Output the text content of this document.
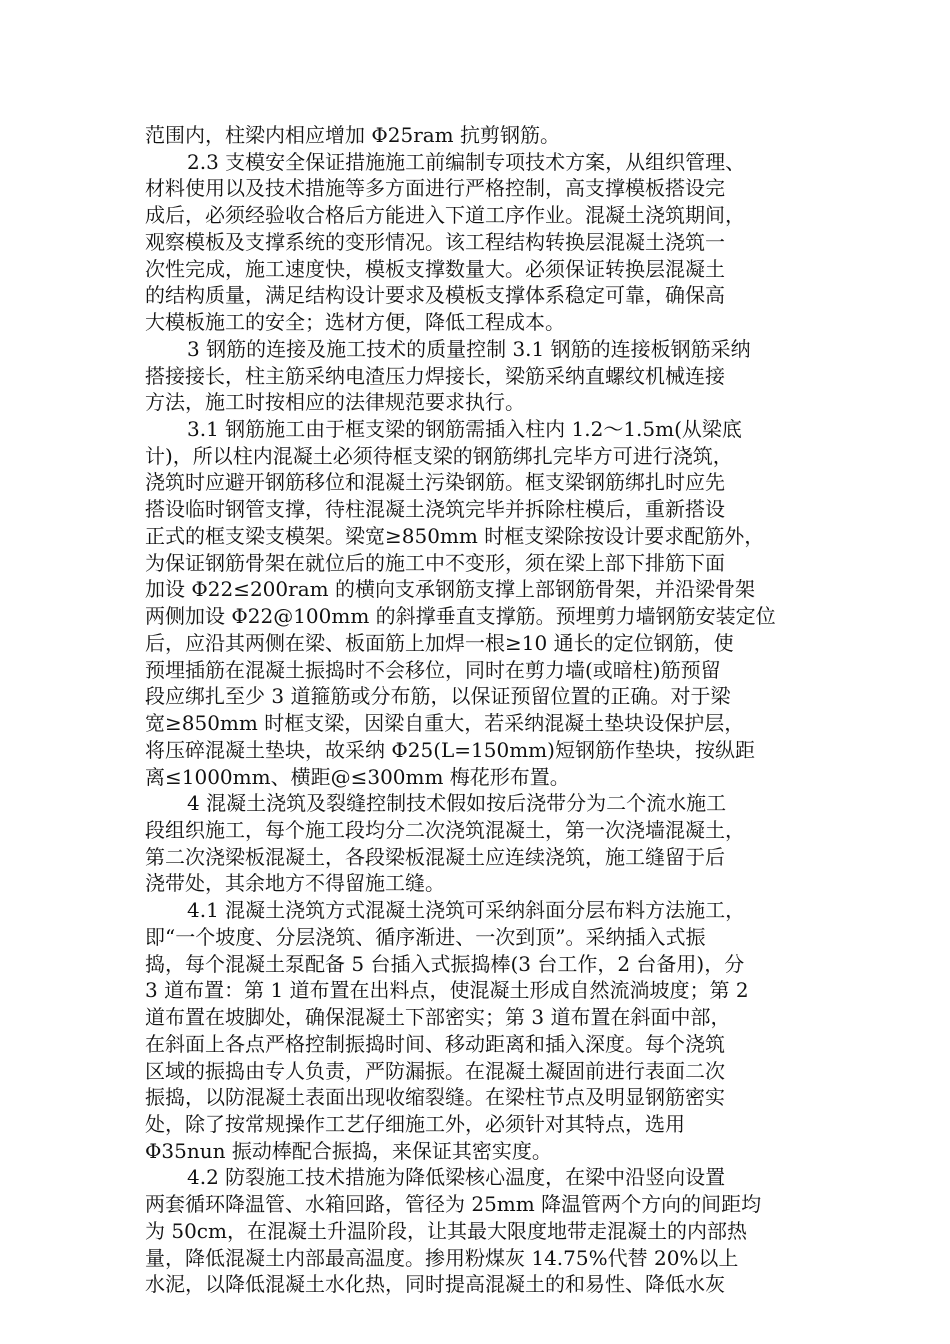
范围内，柱梁内相应增加 Φ25ram 抗剪钢筋。

2.3 支模安全保证措施施工前编制专项技术方案，从组织管理、

材料使用以及技术措施等多方面进行严格控制，高支撑模板搭设完

成后，必须经验收合格后方能进入下道工序作业。混凝土浇筑期间，

观察模板及支撑系统的变形情况。该工程结构转换层混凝土浇筑一

次性完成，施工速度快，模板支撑数量大。必须保证转换层混凝土

的结构质量，满足结构设计要求及模板支撑体系稳定可靠，确保高

大模板施工的安全；选材方便，降低工程成本。

3 钢筋的连接及施工技术的质量控制 3.1 钢筋的连接板钢筋采纳

搭接接长，柱主筋采纳电渣压力焊接长，梁筋采纳直螺纹机械连接

方法，施工时按相应的法律规范要求执行。

3.1 钢筋施工由于框支梁的钢筋需插入柱内 1.2～1.5m(从梁底

计)，所以柱内混凝土必须待框支梁的钢筋绑扎完毕方可进行浇筑，

浇筑时应避开钢筋移位和混凝土污染钢筋。框支梁钢筋绑扎时应先

搭设临时钢管支撑，待柱混凝土浇筑完毕并拆除柱模后，重新搭设

正式的框支梁支模架。梁宽≥850mm 时框支梁除按设计要求配筋外，

为保证钢筋骨架在就位后的施工中不变形，须在梁上部下排筋下面

加设 Φ22≤200ram 的横向支承钢筋支撑上部钢筋骨架，并沿梁骨架

两侧加设 Φ22@100mm 的斜撑垂直支撑筋。预埋剪力墙钢筋安装定位

后，应沿其两侧在梁、板面筋上加焊一根≥10 通长的定位钢筋，使

预埋插筋在混凝土振捣时不会移位，同时在剪力墙(或暗柱)筋预留

段应绑扎至少 3 道箍筋或分布筋，以保证预留位置的正确。对于梁

宽≥850mm 时框支梁，因梁自重大，若采纳混凝土垫块设保护层，

将压碎混凝土垫块，故采纳 Φ25(L=150mm)短钢筋作垫块，按纵距

离≤1000mm、横距@≤300mm 梅花形布置。

4 混凝土浇筑及裂缝控制技术假如按后浇带分为二个流水施工

段组织施工，每个施工段均分二次浇筑混凝土，第一次浇墙混凝土，

第二次浇梁板混凝土，各段梁板混凝土应连续浇筑，施工缝留于后

浇带处，其余地方不得留施工缝。

4.1 混凝土浇筑方式混凝土浇筑可采纳斜面分层布料方法施工，

即“一个坡度、分层浇筑、循序渐进、一次到顶”。采纳插入式振

捣，每个混凝土泵配备 5 台插入式振捣棒(3 台工作，2 台备用)，分

3 道布置：第 1 道布置在出料点，使混凝土形成自然流淌坡度；第 2

道布置在坡脚处，确保混凝土下部密实；第 3 道布置在斜面中部，

在斜面上各点严格控制振捣时间、移动距离和插入深度。每个浇筑

区域的振捣由专人负责，严防漏振。在混凝土凝固前进行表面二次

振捣，以防混凝土表面出现收缩裂缝。在梁柱节点及明显钢筋密实

处，除了按常规操作工艺仔细施工外，必须针对其特点，选用

Φ35nun 振动棒配合振捣，来保证其密实度。

4.2 防裂施工技术措施为降低梁核心温度，在梁中沿竖向设置

两套循环降温管、水箱回路，管径为 25mm 降温管两个方向的间距均

为 50cm，在混凝土升温阶段，让其最大限度地带走混凝土的内部热

量，降低混凝土内部最高温度。掺用粉煤灰 14.75%代替 20%以上

水泥，以降低混凝土水化热，同时提高混凝土的和易性、降低水灰
